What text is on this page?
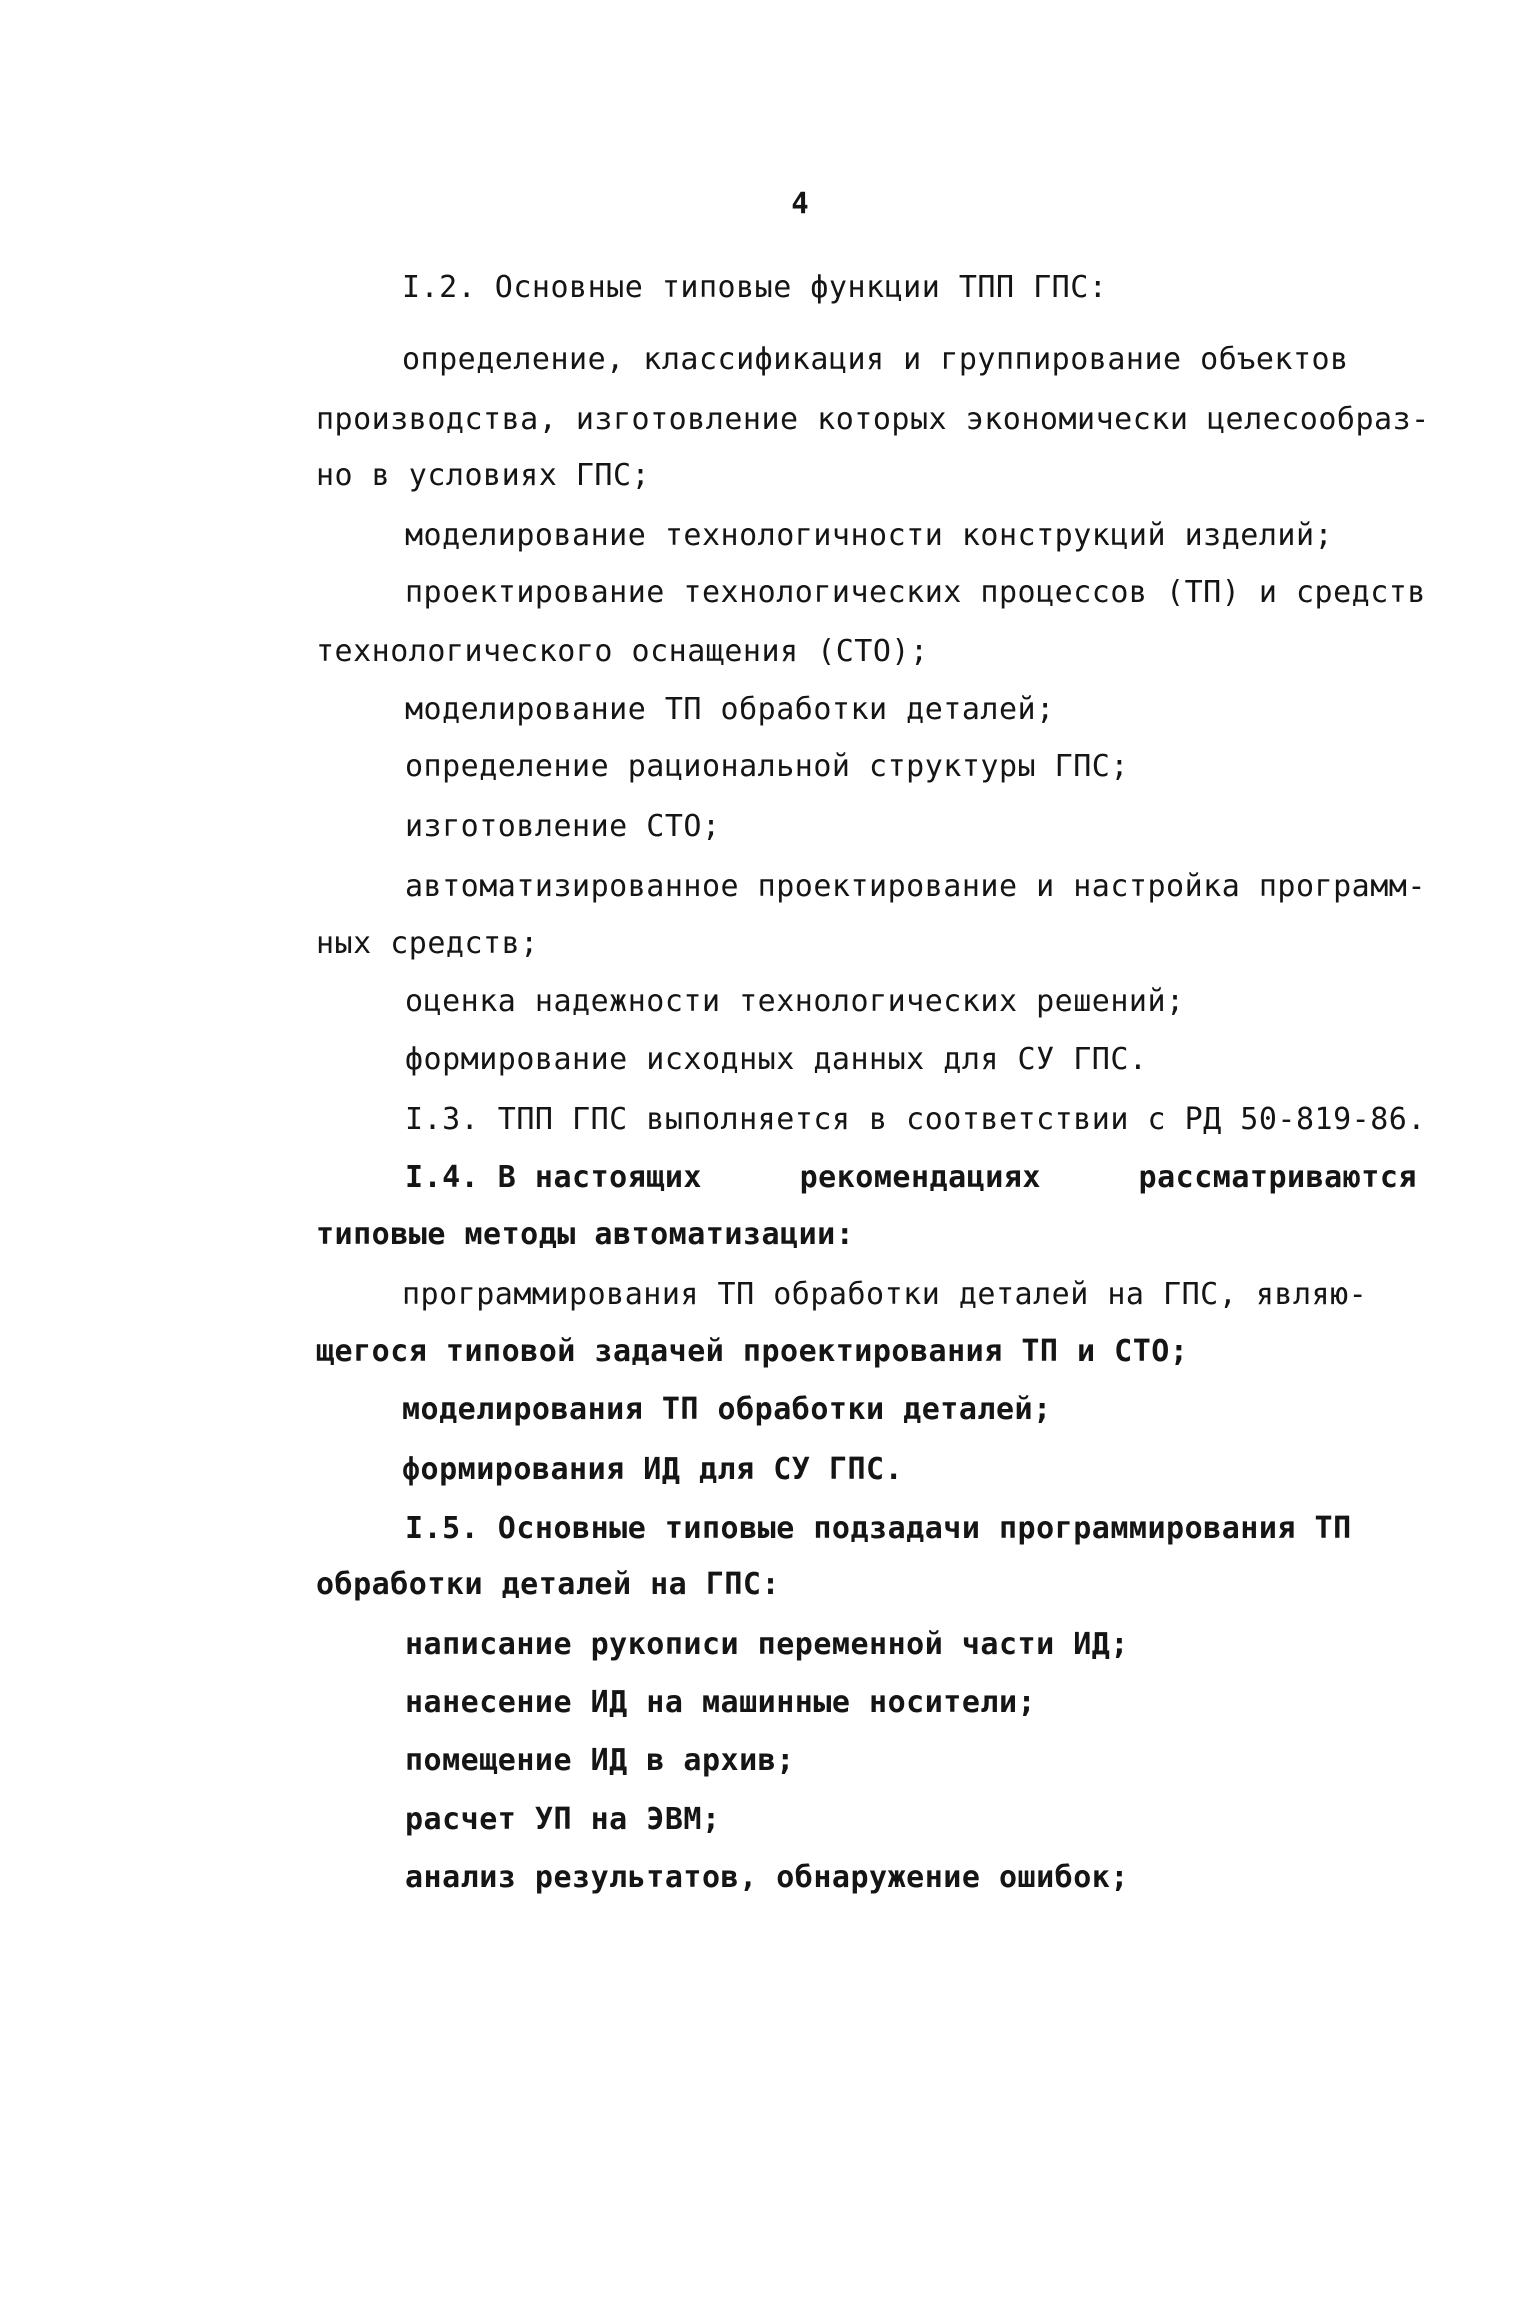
4
I.2. Основные типовые функции ТПП ГПС:
определение, классификация и группирование объектов
производства, изготовление которых экономически целесообраз-
но в условиях ГПС;
моделирование технологичности конструкций изделий;
проектирование технологических процессов (ТП) и средств
технологического оснащения (СТО);
моделирование ТП обработки деталей;
определение рациональной структуры ГПС;
изготовление СТО;
автоматизированное проектирование и настройка программ-
ных средств;
оценка надежности технологических решений;
формирование исходных данных для СУ ГПС.
I.3. ТПП ГПС выполняется в соответствии с РД 50-819-86.
I.4. В настоящих	рекомендациях	рассматриваются
типовые методы автоматизации:
программирования ТП обработки деталей на ГПС, являю-
щегося типовой задачей проектирования ТП и СТО;
моделирования ТП обработки деталей;
формирования ИД для СУ ГПС.
I.5. Основные типовые подзадачи программирования ТП
обработки деталей на ГПС:
написание рукописи переменной части ИД;
нанесение ИД на машинные носители;
помещение ИД в архив;
расчет УП на ЭВМ;
анализ результатов, обнаружение ошибок;
